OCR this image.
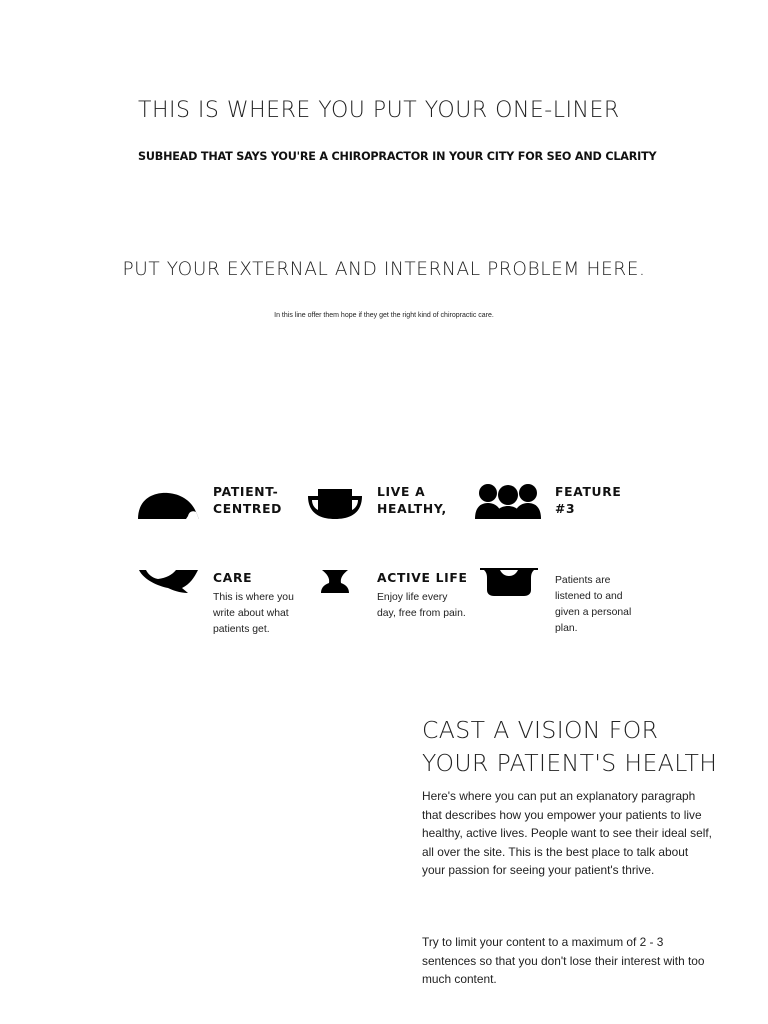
THIS IS WHERE YOU PUT YOUR ONE-LINER

SUBHEAD THAT SAYS YOU'RE A CHIROPRACTOR IN YOUR CITY FOR SEO AND CLARITY

PUT YOUR EXTERNAL AND INTERNAL PROBLEM HERE.

In this line offer them hope if they get the right kind of chiropractic care.

PATIENT-
CENTRED
CARE
This is where you
write about what
patients get.
LIVE A
HEALTHY,
ACTIVE LIFE
Enjoy life every
day, free from pain.
FEATURE
#3
Patients are
listened to and
given a personal
plan.
CAST A VISION FOR
YOUR PATIENT'S HEALTH
Here's where you can put an explanatory paragraph
that describes how you empower your patients to live
healthy, active lives. People want to see their ideal self,
all over the site. This is the best place to talk about
your passion for seeing your patient's thrive.
Try to limit your content to a maximum of 2 - 3
sentences so that you don't lose their interest with too
much content.
